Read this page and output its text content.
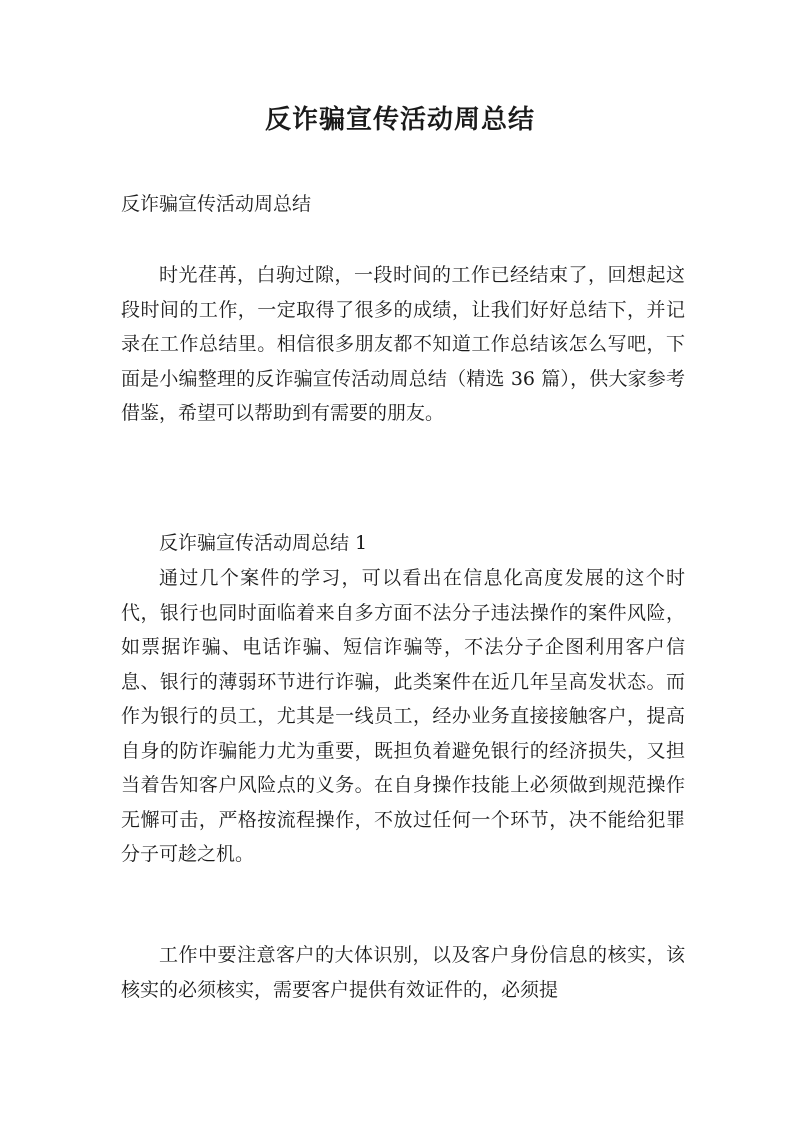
反诈骗宣传活动周总结

反诈骗宣传活动周总结

时光荏苒，白驹过隙，一段时间的工作已经结束了，回想起这段时间的工作，一定取得了很多的成绩，让我们好好总结下，并记录在工作总结里。相信很多朋友都不知道工作总结该怎么写吧，下面是小编整理的反诈骗宣传活动周总结（精选 36 篇），供大家参考借鉴，希望可以帮助到有需要的朋友。

反诈骗宣传活动周总结 1

通过几个案件的学习，可以看出在信息化高度发展的这个时代，银行也同时面临着来自多方面不法分子违法操作的案件风险，如票据诈骗、电话诈骗、短信诈骗等，不法分子企图利用客户信息、银行的薄弱环节进行诈骗，此类案件在近几年呈高发状态。而作为银行的员工，尤其是一线员工，经办业务直接接触客户，提高自身的防诈骗能力尤为重要，既担负着避免银行的经济损失，又担当着告知客户风险点的义务。在自身操作技能上必须做到规范操作无懈可击，严格按流程操作，不放过任何一个环节，决不能给犯罪分子可趁之机。

工作中要注意客户的大体识别，以及客户身份信息的核实，该核实的必须核实，需要客户提供有效证件的，必须提
